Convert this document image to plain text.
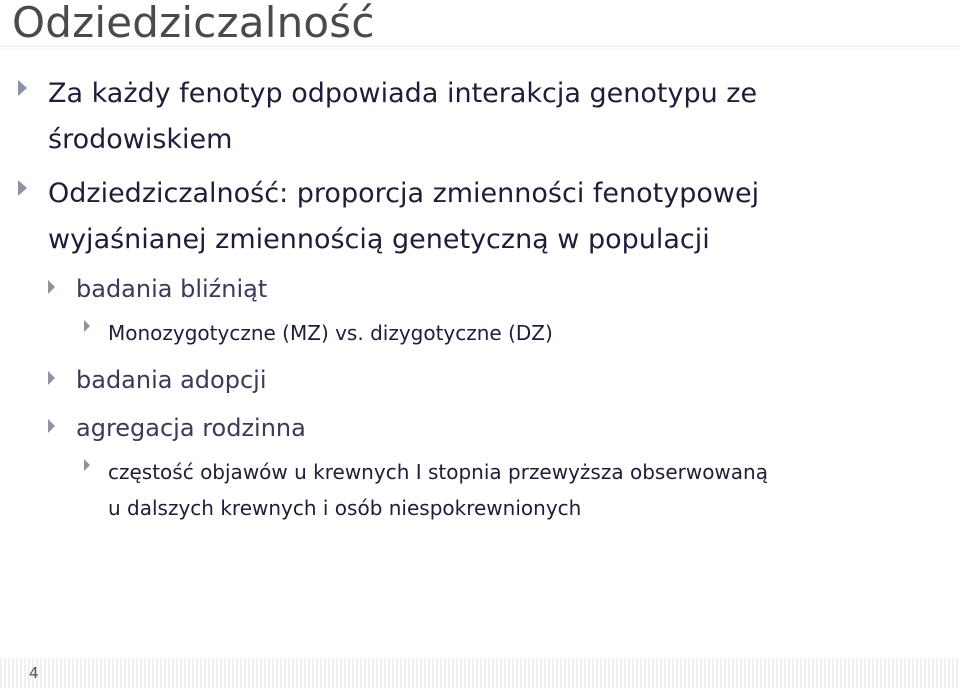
Odziedziczalność
Za każdy fenotyp odpowiada interakcja genotypu ze
środowiskiem
Odziedziczalność: proporcja zmienności fenotypowej
wyjaśnianej zmiennością genetyczną w populacji
badania bliźniąt
Monozygotyczne (MZ) vs. dizygotyczne (DZ)
badania adopcji
agregacja rodzinna
częstość objawów u krewnych I stopnia przewyższa obserwowaną
u dalszych krewnych i osób niespokrewnionych
4
